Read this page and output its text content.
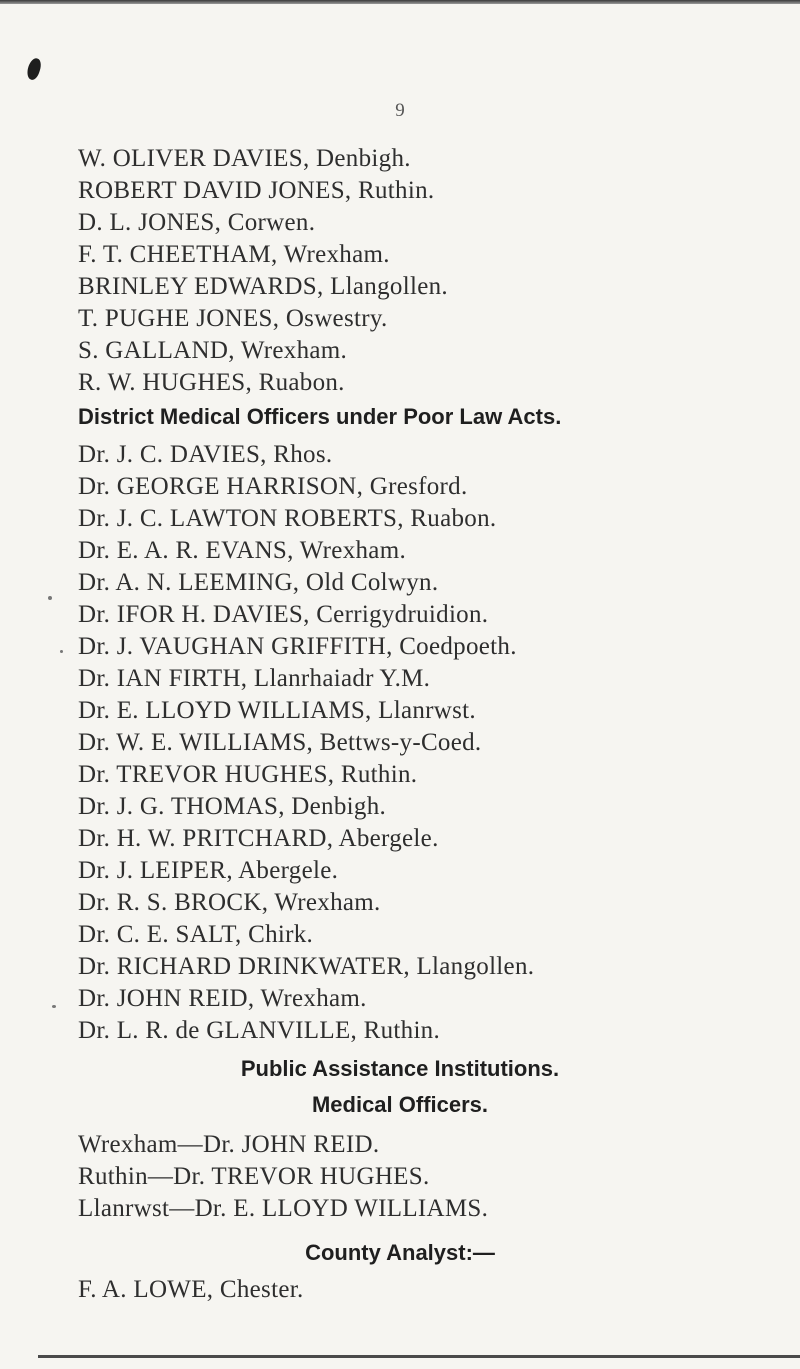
9
W. OLIVER DAVIES, Denbigh.
ROBERT DAVID JONES, Ruthin.
D. L. JONES, Corwen.
F. T. CHEETHAM, Wrexham.
BRINLEY EDWARDS, Llangollen.
T. PUGHE JONES, Oswestry.
S. GALLAND, Wrexham.
R. W. HUGHES, Ruabon.
District Medical Officers under Poor Law Acts.
Dr. J. C. DAVIES, Rhos.
Dr. GEORGE HARRISON, Gresford.
Dr. J. C. LAWTON ROBERTS, Ruabon.
Dr. E. A. R. EVANS, Wrexham.
Dr. A. N. LEEMING, Old Colwyn.
Dr. IFOR H. DAVIES, Cerrigydruidion.
Dr. J. VAUGHAN GRIFFITH, Coedpoeth.
Dr. IAN FIRTH, Llanrhaiadr Y.M.
Dr. E. LLOYD WILLIAMS, Llanrwst.
Dr. W. E. WILLIAMS, Bettws-y-Coed.
Dr. TREVOR HUGHES, Ruthin.
Dr. J. G. THOMAS, Denbigh.
Dr. H. W. PRITCHARD, Abergele.
Dr. J. LEIPER, Abergele.
Dr. R. S. BROCK, Wrexham.
Dr. C. E. SALT, Chirk.
Dr. RICHARD DRINKWATER, Llangollen.
Dr. JOHN REID, Wrexham.
Dr. L. R. de GLANVILLE, Ruthin.
Public Assistance Institutions.
Medical Officers.
Wrexham—Dr. JOHN REID.
Ruthin—Dr. TREVOR HUGHES.
Llanrwst—Dr. E. LLOYD WILLIAMS.
County Analyst:—
F. A. LOWE, Chester.
